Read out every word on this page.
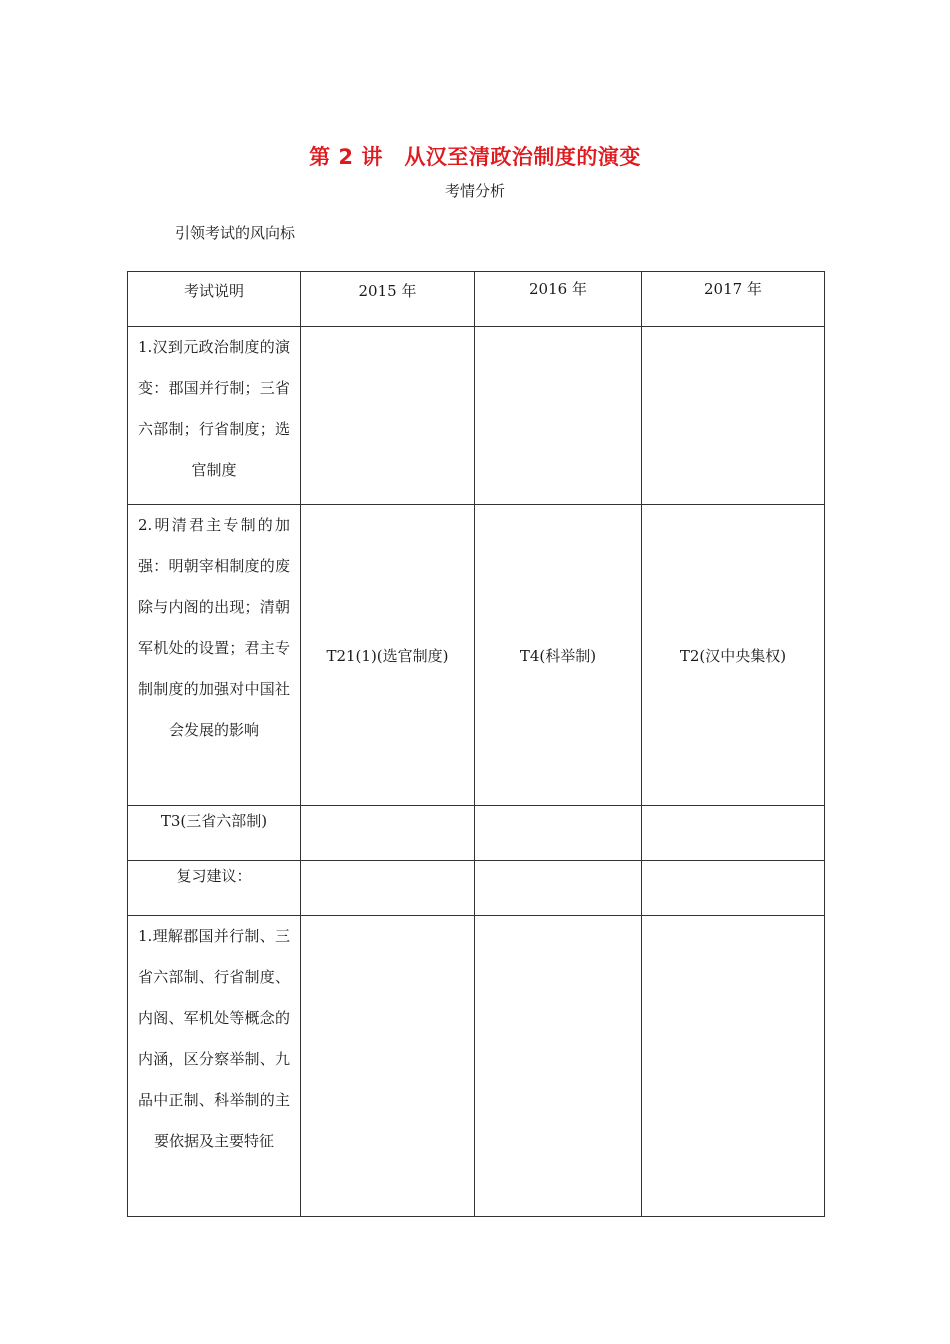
第 2 讲　从汉至清政治制度的演变
考情分析
引领考试的风向标
考试说明	2015 年	2016 年	2017 年

1.汉到元政治制度的演变：郡国并行制；三省六部制；行省制度；选官制度			

2.明清君主专制的加强：明朝宰相制度的废除与内阁的出现；清朝军机处的设置；君主专制制度的加强对中国社会发展的影响	T21(1)(选官制度)	T4(科举制)	T2(汉中央集权)

T3(三省六部制)			

复习建议：			

1.理解郡国并行制、三省六部制、行省制度、内阁、军机处等概念的内涵，区分察举制、九品中正制、科举制的主要依据及主要特征			
